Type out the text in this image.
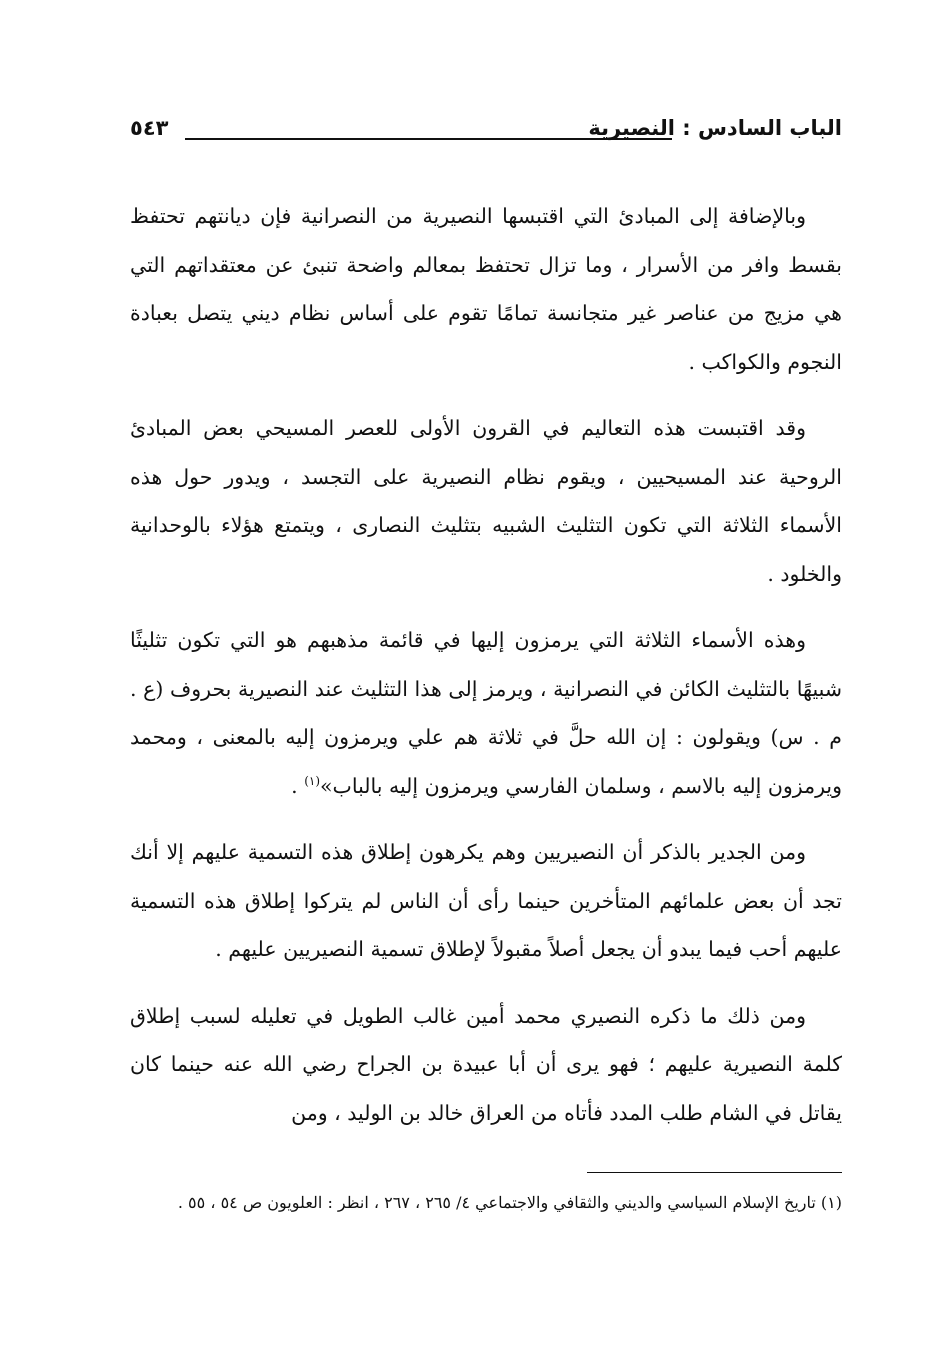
الباب السادس : النصيرية
٥٤٣

وبالإضافة إلى المبادئ التي اقتبسها النصيرية من النصرانية فإن ديانتهم تحتفظ بقسط وافر من الأسرار ، وما تزال تحتفظ بمعالم واضحة تنبئ عن معتقداتهم التي هي مزيج من عناصر غير متجانسة تمامًا تقوم على أساس نظام ديني يتصل بعبادة النجوم والكواكب .

وقد اقتبست هذه التعاليم في القرون الأولى للعصر المسيحي بعض المبادئ الروحية عند المسيحيين ، ويقوم نظام النصيرية على التجسد ، ويدور حول هذه الأسماء الثلاثة التي تكون التثليث الشبيه بتثليث النصارى ، ويتمتع هؤلاء بالوحدانية والخلود .

وهذه الأسماء الثلاثة التي يرمزون إليها في قائمة مذهبهم هو التي تكون تثليثًا شبيهًا بالتثليث الكائن في النصرانية ، ويرمز إلى هذا التثليث عند النصيرية بحروف (ع . م . س) ويقولون : إن الله حلَّ في ثلاثة هم علي ويرمزون إليه بالمعنى ، ومحمد ويرمزون إليه بالاسم ، وسلمان الفارسي ويرمزون إليه بالباب»$^{(١)}$ .

ومن الجدير بالذكر أن النصيريين وهم يكرهون إطلاق هذه التسمية عليهم إلا أنك تجد أن بعض علمائهم المتأخرين حينما رأى أن الناس لم يتركوا إطلاق هذه التسمية عليهم أحب فيما يبدو أن يجعل أصلاً مقبولاً لإطلاق تسمية النصيريين عليهم .

ومن ذلك ما ذكره النصيري محمد أمين غالب الطويل في تعليله لسبب إطلاق كلمة النصيرية عليهم ؛ فهو يرى أن أبا عبيدة بن الجراح رضي الله عنه حينما كان يقاتل في الشام طلب المدد فأتاه من العراق خالد بن الوليد ، ومن

(١) تاريخ الإسلام السياسي والديني والثقافي والاجتماعي ٤/ ٢٦٥ ، ٢٦٧ ، انظر : العلويون ص ٥٤ ، ٥٥ .
